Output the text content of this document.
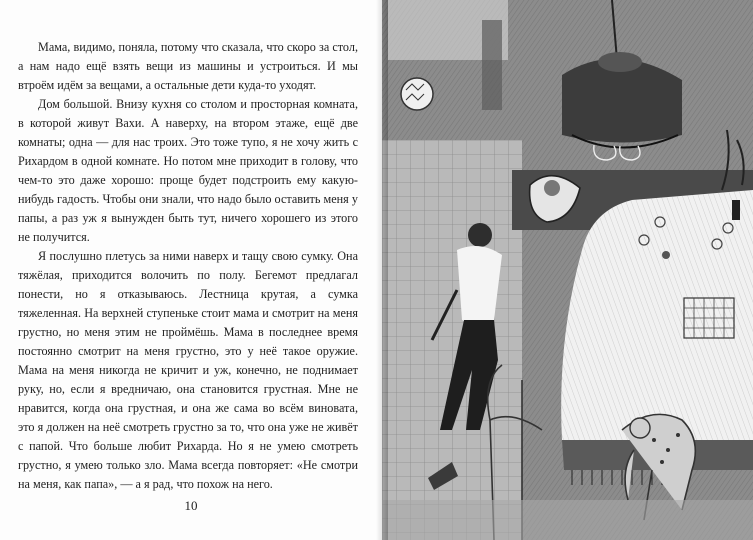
Мама, видимо, поняла, потому что сказала, что скоро за стол, а нам надо ещё взять вещи из машины и устроиться. И мы втроём идём за вещами, а остальные дети куда-то уходят.

Дом большой. Внизу кухня со столом и просторная комната, в которой живут Вахи. А наверху, на втором этаже, ещё две комнаты; одна — для нас троих. Это тоже тупо, я не хочу жить с Рихардом в одной комнате. Но потом мне приходит в голову, что чем-то это даже хорошо: проще будет подстроить ему какую-нибудь гадость. Чтобы они знали, что надо было оставить меня у папы, а раз уж я вынужден быть тут, ничего хорошего из этого не получится.

Я послушно плетусь за ними наверх и тащу свою сумку. Она тяжёлая, приходится волочить по полу. Бегемот предлагал понести, но я отказываюсь. Лестница крутая, а сумка тяжеленная. На верхней ступеньке стоит мама и смотрит на меня грустно, но меня этим не проймёшь. Мама в последнее время постоянно смотрит на меня грустно, это у неё такое оружие. Мама на меня никогда не кричит и уж, конечно, не поднимает руку, но, если я вредничаю, она становится грустная. Мне не нравится, когда она грустная, и она же сама во всём виновата, это я должен на неё смотреть грустно за то, что она уже не живёт с папой. Что больше любит Рихарда. Но я не умею смотреть грустно, я умею только зло. Мама всегда повторяет: «Не смотри на меня, как папа», — а я рад, что похож на него.

10
